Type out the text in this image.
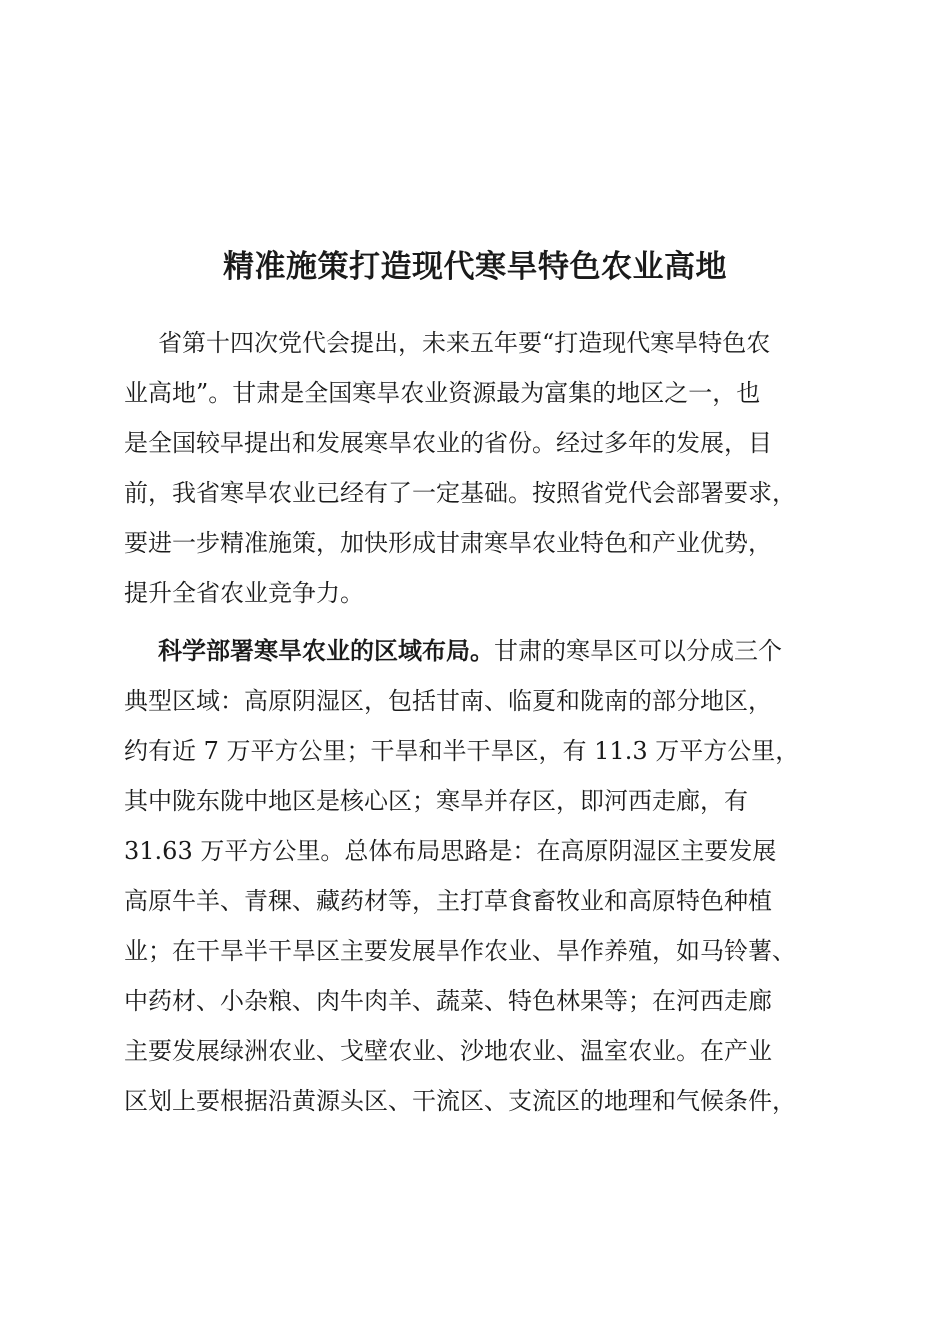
精准施策打造现代寒旱特色农业高地
省第十四次党代会提出，未来五年要“打造现代寒旱特色农
业高地”。甘肃是全国寒旱农业资源最为富集的地区之一，也
是全国较早提出和发展寒旱农业的省份。经过多年的发展，目
前，我省寒旱农业已经有了一定基础。按照省党代会部署要求，
要进一步精准施策，加快形成甘肃寒旱农业特色和产业优势，
提升全省农业竞争力。
科学部署寒旱农业的区域布局。甘肃的寒旱区可以分成三个
典型区域：高原阴湿区，包括甘南、临夏和陇南的部分地区，
约有近 7 万平方公里；干旱和半干旱区，有 11.3 万平方公里，
其中陇东陇中地区是核心区；寒旱并存区，即河西走廊，有
31.63 万平方公里。总体布局思路是：在高原阴湿区主要发展
高原牛羊、青稞、藏药材等，主打草食畜牧业和高原特色种植
业；在干旱半干旱区主要发展旱作农业、旱作养殖，如马铃薯、
中药材、小杂粮、肉牛肉羊、蔬菜、特色林果等；在河西走廊
主要发展绿洲农业、戈壁农业、沙地农业、温室农业。在产业
区划上要根据沿黄源头区、干流区、支流区的地理和气候条件，
